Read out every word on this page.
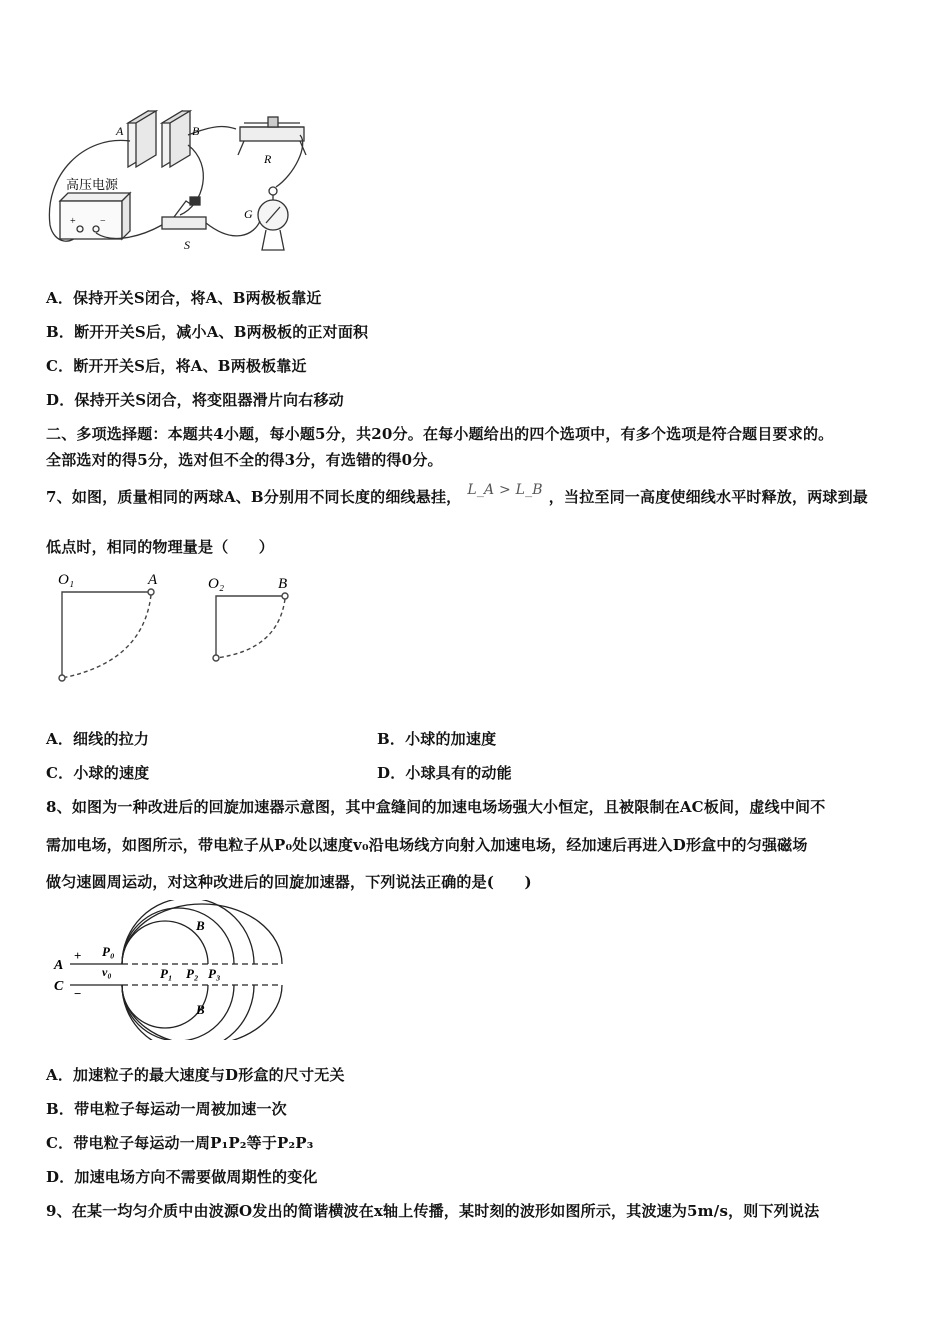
A	B
R
G
S
高压电源
+ −
A．保持开关S闭合，将A、B两极板靠近
B．断开开关S后，减小A、B两极板的正对面积
C．断开开关S后，将A、B两极板靠近
D．保持开关S闭合，将变阻器滑片向右移动
二、多项选择题：本题共4小题，每小题5分，共20分。在每小题给出的四个选项中，有多个选项是符合题目要求的。
全部选对的得5分，选对但不全的得3分，有选错的得0分。
7、如图，质量相同的两球A、B分别用不同长度的细线悬挂， L_A > L_B ，当拉至同一高度使细线水平时释放，两球到最
低点时，相同的物理量是（　　）
O₁	A	O₂	B
A．细线的拉力	B．小球的加速度
C．小球的速度	D．小球具有的动能
8、如图为一种改进后的回旋加速器示意图，其中盒缝间的加速电场场强大小恒定，且被限制在AC板间，虚线中间不
需加电场，如图所示，带电粒子从P₀处以速度v₀沿电场线方向射入加速电场，经加速后再进入D形盒中的匀强磁场
做匀速圆周运动，对这种改进后的回旋加速器，下列说法正确的是(　　)
A
C
+
−
P₀
v₀	P₁ P₂ P₃
B
B
A．加速粒子的最大速度与D形盒的尺寸无关
B．带电粒子每运动一周被加速一次
C．带电粒子每运动一周P₁P₂等于P₂P₃
D．加速电场方向不需要做周期性的变化
9、在某一均匀介质中由波源O发出的简谐横波在x轴上传播，某时刻的波形如图所示，其波速为5m/s，则下列说法
